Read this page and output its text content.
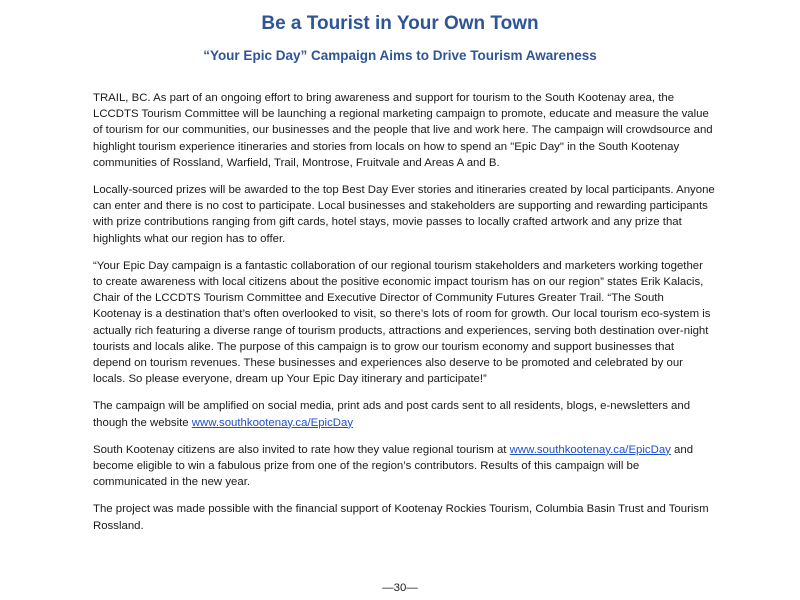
Be a Tourist in Your Own Town
“Your Epic Day” Campaign Aims to Drive Tourism Awareness

TRAIL, BC. As part of an ongoing effort to bring awareness and support for tourism to the South Kootenay area, the LCCDTS Tourism Committee will be launching a regional marketing campaign to promote, educate and measure the value of tourism for our communities, our businesses and the people that live and work here. The campaign will crowdsource and highlight tourism experience itineraries and stories from locals on how to spend an "Epic Day" in the South Kootenay communities of Rossland, Warfield, Trail, Montrose, Fruitvale and Areas A and B.

Locally-sourced prizes will be awarded to the top Best Day Ever stories and itineraries created by local participants. Anyone can enter and there is no cost to participate. Local businesses and stakeholders are supporting and rewarding participants with prize contributions ranging from gift cards, hotel stays, movie passes to locally crafted artwork and any prize that highlights what our region has to offer.

“Your Epic Day campaign is a fantastic collaboration of our regional tourism stakeholders and marketers working together to create awareness with local citizens about the positive economic impact tourism has on our region” states Erik Kalacis, Chair of the LCCDTS Tourism Committee and Executive Director of Community Futures Greater Trail. “The South Kootenay is a destination that’s often overlooked to visit, so there’s lots of room for growth. Our local tourism eco-system is actually rich featuring a diverse range of tourism products, attractions and experiences, serving both destination over-night tourists and locals alike. The purpose of this campaign is to grow our tourism economy and support businesses that depend on tourism revenues. These businesses and experiences also deserve to be promoted and celebrated by our locals. So please everyone, dream up Your Epic Day itinerary and participate!”

The campaign will be amplified on social media, print ads and post cards sent to all residents, blogs, e-newsletters and though the website www.southkootenay.ca/EpicDay

South Kootenay citizens are also invited to rate how they value regional tourism at www.southkootenay.ca/EpicDay and become eligible to win a fabulous prize from one of the region’s contributors. Results of this campaign will be communicated in the new year.

The project was made possible with the financial support of Kootenay Rockies Tourism, Columbia Basin Trust and Tourism Rossland.

—30—
